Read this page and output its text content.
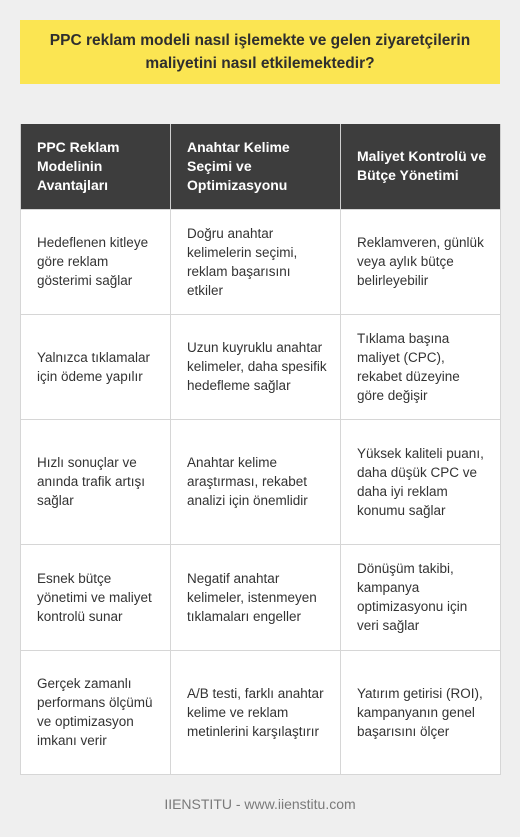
PPC reklam modeli nasıl işlemekte ve gelen ziyaretçilerin maliyetini nasıl etkilemektedir?
PPC Reklam Modelinin Avantajları	Anahtar Kelime Seçimi ve Optimizasyonu	Maliyet Kontrolü ve Bütçe Yönetimi
Hedeflenen kitleye göre reklam gösterimi sağlar	Doğru anahtar kelimelerin seçimi, reklam başarısını etkiler	Reklamveren, günlük veya aylık bütçe belirleyebilir
Yalnızca tıklamalar için ödeme yapılır	Uzun kuyruklu anahtar kelimeler, daha spesifik hedefleme sağlar	Tıklama başına maliyet (CPC), rekabet düzeyine göre değişir
Hızlı sonuçlar ve anında trafik artışı sağlar	Anahtar kelime araştırması, rekabet analizi için önemlidir	Yüksek kaliteli puanı, daha düşük CPC ve daha iyi reklam konumu sağlar
Esnek bütçe yönetimi ve maliyet kontrolü sunar	Negatif anahtar kelimeler, istenmeyen tıklamaları engeller	Dönüşüm takibi, kampanya optimizasyonu için veri sağlar
Gerçek zamanlı performans ölçümü ve optimizasyon imkanı verir	A/B testi, farklı anahtar kelime ve reklam metinlerini karşılaştırır	Yatırım getirisi (ROI), kampanyanın genel başarısını ölçer
IIENSTITU - www.iienstitu.com
